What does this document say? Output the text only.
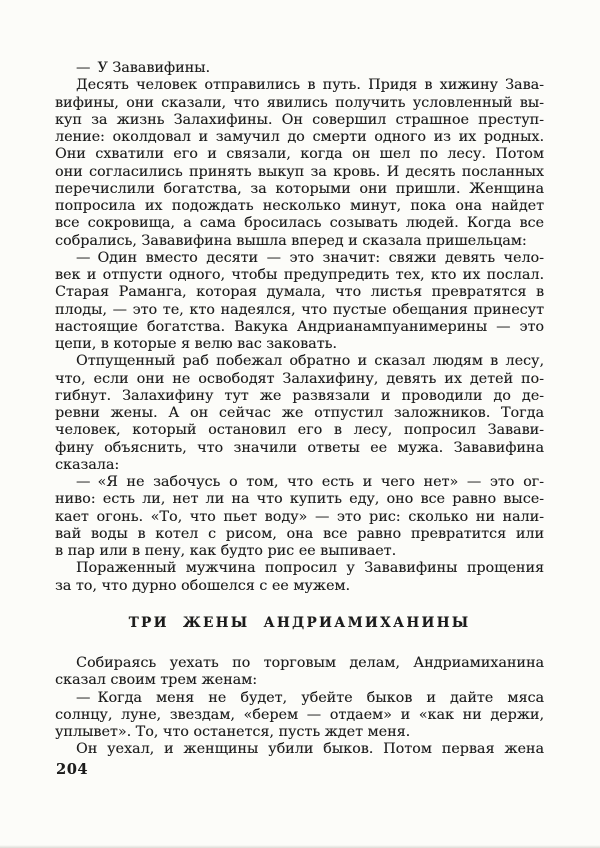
— У Зававифины.
Десять человек отправились в путь. Придя в хижину Зава-
вифины, они сказали, что явились получить условленный вы-
куп за жизнь Залахифины. Он совершил страшное преступ-
ление: околдовал и замучил до смерти одного из их родных.
Они схватили его и связали, когда он шел по лесу. Потом
они согласились принять выкуп за кровь. И десять посланных
перечислили богатства, за которыми они пришли. Женщина
попросила их подождать несколько минут, пока она найдет
все сокровища, а сама бросилась созывать людей. Когда все
собрались, Зававифина вышла вперед и сказала пришельцам:
— Один вместо десяти — это значит: свяжи девять чело-
век и отпусти одного, чтобы предупредить тех, кто их послал.
Старая Раманга, которая думала, что листья превратятся в
плоды, — это те, кто надеялся, что пустые обещания принесут
настоящие богатства. Вакука Андрианампуанимерины — это
цепи, в которые я велю вас заковать.
Отпущенный раб побежал обратно и сказал людям в лесу,
что, если они не освободят Залахифину, девять их детей по-
гибнут. Залахифину тут же развязали и проводили до де-
ревни жены. А он сейчас же отпустил заложников. Тогда
человек, который остановил его в лесу, попросил Завави-
фину объяснить, что значили ответы ее мужа. Зававифина
сказала:
— «Я не забочусь о том, что есть и чего нет» — это ог-
ниво: есть ли, нет ли на что купить еду, оно все равно высе-
кает огонь. «То, что пьет воду» — это рис: сколько ни нали-
вай воды в котел с рисом, она все равно превратится или
в пар или в пену, как будто рис ее выпивает.
Пораженный мужчина попросил у Зававифины прощения
за то, что дурно обошелся с ее мужем.
ТРИ ЖЕНЫ АНДРИАМИХАНИНЫ
Собираясь уехать по торговым делам, Андриамиханина
сказал своим трем женам:
— Когда меня не будет, убейте быков и дайте мяса
солнцу, луне, звездам, «берем — отдаем» и «как ни держи,
уплывет». То, что останется, пусть ждет меня.
Он уехал, и женщины убили быков. Потом первая жена
204
